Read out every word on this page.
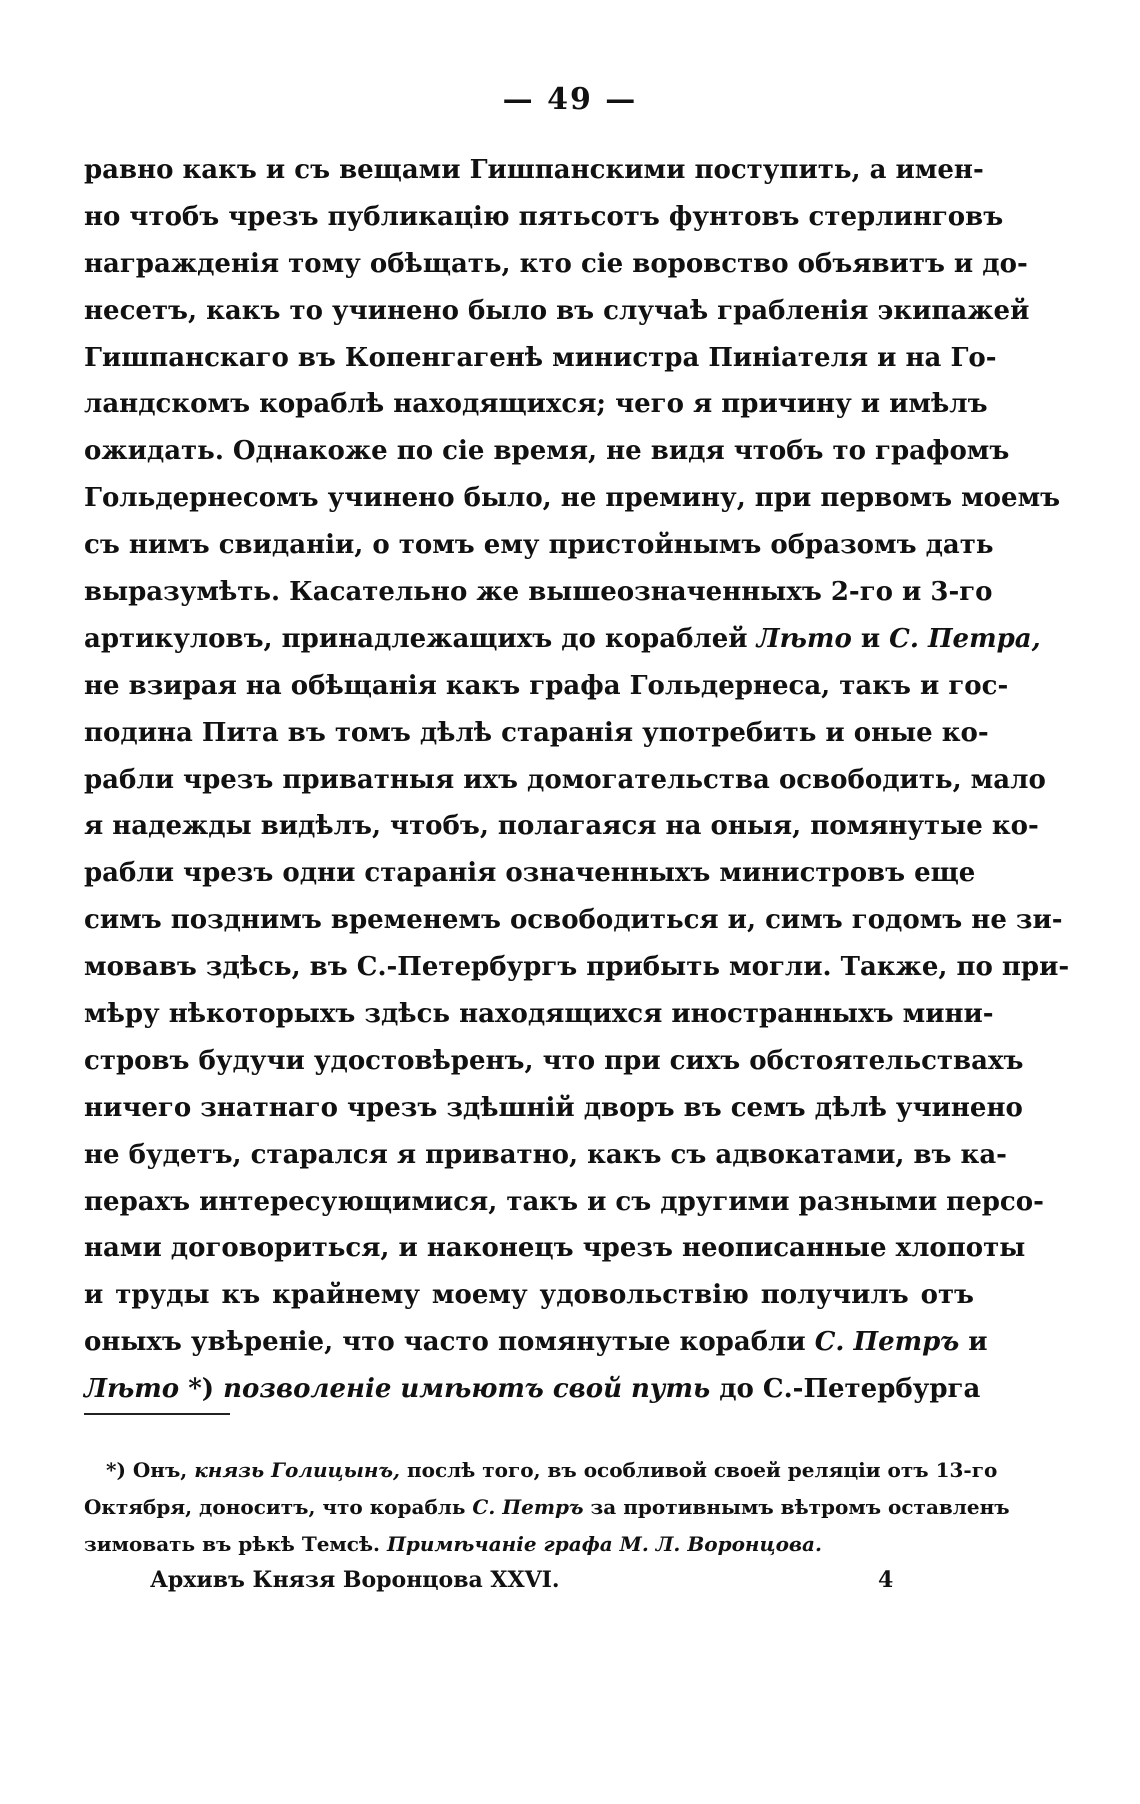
— 49 —
равно какъ и съ вещами Гишпанскими поступить, а имен-
но чтобъ чрезъ публикацію пятьсотъ фунтовъ стерлинговъ
награжденія тому обѣщать, кто сіе воровство объявитъ и до-
несетъ, какъ то учинено было въ случаѣ грабленія экипажей
Гишпанскаго въ Копенгагенѣ министра Пиніателя и на Го-
ландскомъ кораблѣ находящихся; чего я причину и имѣлъ
ожидать. Однакоже по сіе время, не видя чтобъ то графомъ
Гольдернесомъ учинено было, не премину, при первомъ моемъ
съ нимъ свиданіи, о томъ ему пристойнымъ образомъ дать
выразумѣть. Касательно же вышеозначенныхъ 2-го и 3-го
артикуловъ, принадлежащихъ до кораблей Лѣто и С. Петра,
не взирая на обѣщанія какъ графа Гольдернеса, такъ и гос-
подина Пита въ томъ дѣлѣ старанія употребить и оные ко-
рабли чрезъ приватныя ихъ домогательства освободить, мало
я надежды видѣлъ, чтобъ, полагаяся на оныя, помянутые ко-
рабли чрезъ одни старанія означенныхъ министровъ еще
симъ позднимъ временемъ освободиться и, симъ годомъ не зи-
мовавъ здѣсь, въ С.-Петербургъ прибыть могли. Также, по при-
мѣру нѣкоторыхъ здѣсь находящихся иностранныхъ мини-
стровъ будучи удостовѣренъ, что при сихъ обстоятельствахъ
ничего знатнаго чрезъ здѣшній дворъ въ семъ дѣлѣ учинено
не будетъ, старался я приватно, какъ съ адвокатами, въ ка-
перахъ интересующимися, такъ и съ другими разными персо-
нами договориться, и наконецъ чрезъ неописанные хлопоты
и труды къ крайнему моему удовольствію получилъ отъ
оныхъ увѣреніе, что часто помянутые корабли С. Петръ и
Лѣто *) позволеніе имѣютъ свой путь до С.-Петербурга
*) Онъ, князь Голицынъ, послѣ того, въ особливой своей реляціи отъ 13-го
Октября, доноситъ, что корабль С. Петръ за противнымъ вѣтромъ оставленъ
зимовать въ рѣкѣ Темсѣ. Примѣчаніе графа М. Л. Воронцова.
Архивъ Князя Воронцова XXVI.	4
